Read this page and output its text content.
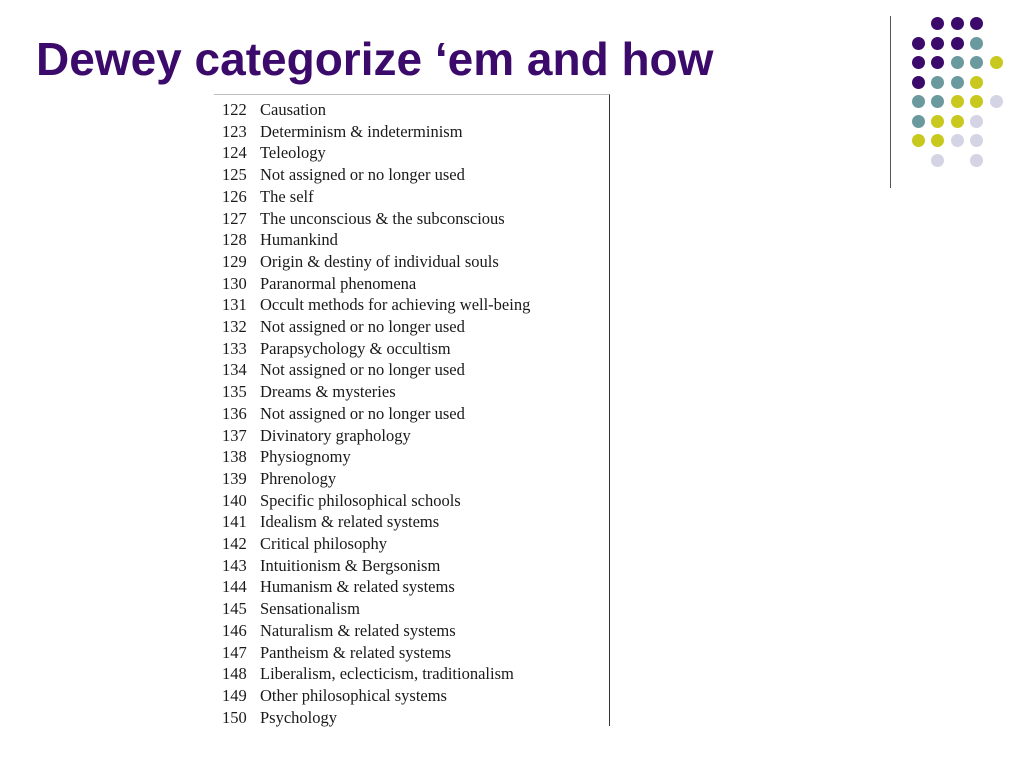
Dewey categorize ‘em and how
122 Causation
123 Determinism & indeterminism
124 Teleology
125 Not assigned or no longer used
126 The self
127 The unconscious & the subconscious
128 Humankind
129 Origin & destiny of individual souls
130 Paranormal phenomena
131 Occult methods for achieving well-being
132 Not assigned or no longer used
133 Parapsychology & occultism
134 Not assigned or no longer used
135 Dreams & mysteries
136 Not assigned or no longer used
137 Divinatory graphology
138 Physiognomy
139 Phrenology
140 Specific philosophical schools
141 Idealism & related systems
142 Critical philosophy
143 Intuitionism & Bergsonism
144 Humanism & related systems
145 Sensationalism
146 Naturalism & related systems
147 Pantheism & related systems
148 Liberalism, eclecticism, traditionalism
149 Other philosophical systems
150 Psychology
